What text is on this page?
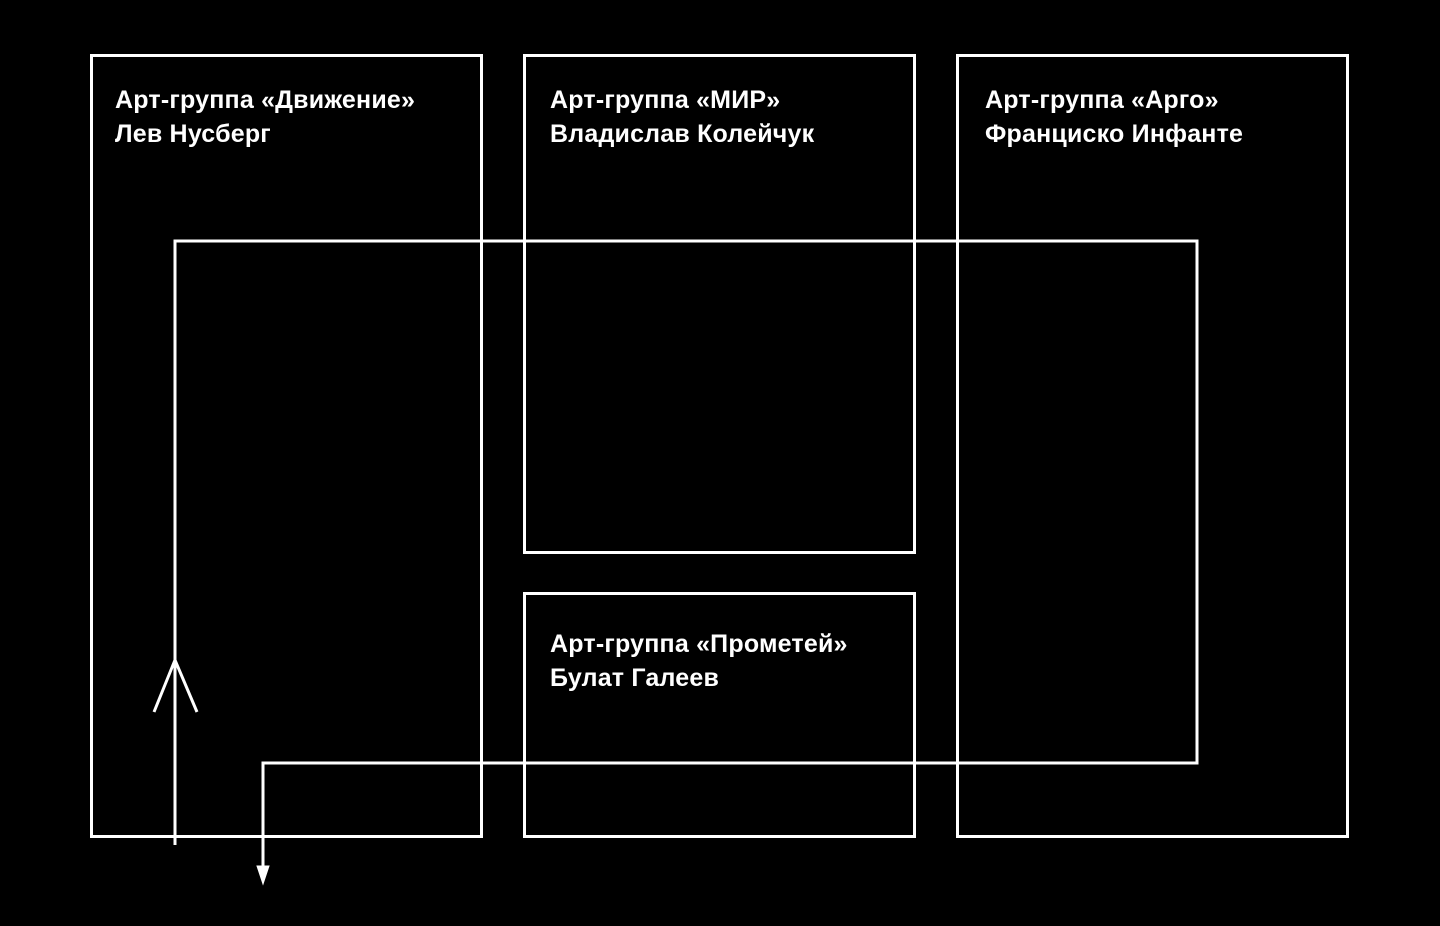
Арт-группа «Движение»
Лев Нусберг
Арт-группа «МИР»
Владислав Колейчук
Арт-группа «Арго»
Франциско Инфанте
Арт-группа «Прометей»
Булат Галеев
